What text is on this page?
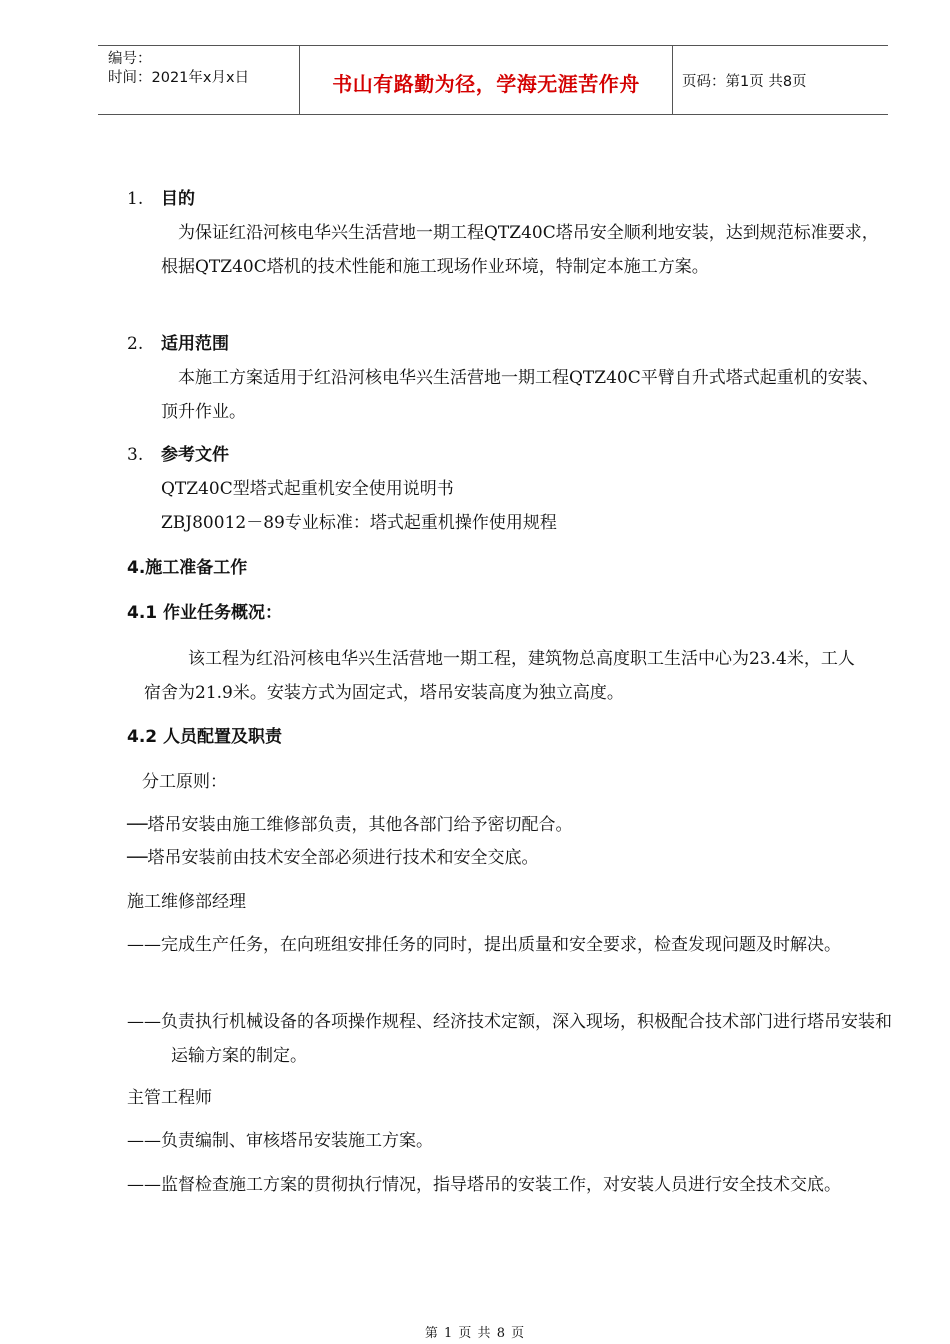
编号：
时间：2021年x月x日	书山有路勤为径，学海无涯苦作舟	页码：第1页 共8页
1. 目的
为保证红沿河核电华兴生活营地一期工程QTZ40C塔吊安全顺利地安装，达到规范标准要求，根据QTZ40C塔机的技术性能和施工现场作业环境，特制定本施工方案。
2. 适用范围
本施工方案适用于红沿河核电华兴生活营地一期工程QTZ40C平臂自升式塔式起重机的安装、顶升作业。
3. 参考文件
QTZ40C型塔式起重机安全使用说明书
ZBJ80012－89专业标准：塔式起重机操作使用规程
4.施工准备工作
4.1 作业任务概况：
该工程为红沿河核电华兴生活营地一期工程，建筑物总高度职工生活中心为23.4米，工人宿舍为21.9米。安装方式为固定式，塔吊安装高度为独立高度。
4.2 人员配置及职责
分工原则：
──塔吊安装由施工维修部负责，其他各部门给予密切配合。
──塔吊安装前由技术安全部必须进行技术和安全交底。
施工维修部经理
——完成生产任务，在向班组安排任务的同时，提出质量和安全要求，检查发现问题及时解决。
——负责执行机械设备的各项操作规程、经济技术定额，深入现场，积极配合技术部门进行塔吊安装和运输方案的制定。
主管工程师
——负责编制、审核塔吊安装施工方案。
——监督检查施工方案的贯彻执行情况，指导塔吊的安装工作，对安装人员进行安全技术交底。
第 1 页 共 8 页
